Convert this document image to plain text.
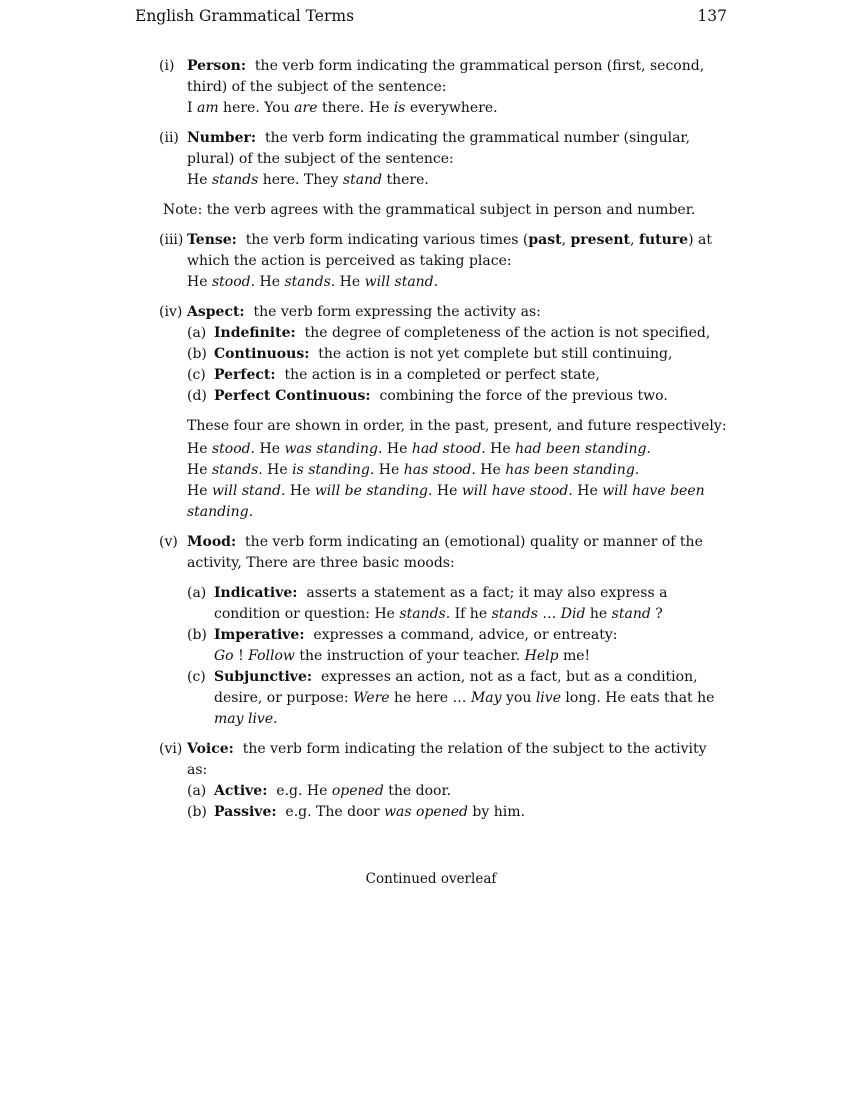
English Grammatical Terms	137
(i) Person: the verb form indicating the grammatical person (first, second, third) of the subject of the sentence:
I am here. You are there. He is everywhere.
(ii) Number: the verb form indicating the grammatical number (singular, plural) of the subject of the sentence:
He stands here. They stand there.
Note: the verb agrees with the grammatical subject in person and number.
(iii) Tense: the verb form indicating various times (past, present, future) at which the action is perceived as taking place:
He stood. He stands. He will stand.
(iv) Aspect: the verb form expressing the activity as:
(a) Indefinite: the degree of completeness of the action is not specified,
(b) Continuous: the action is not yet complete but still continuing,
(c) Perfect: the action is in a completed or perfect state,
(d) Perfect Continuous: combining the force of the previous two.
These four are shown in order, in the past, present, and future respectively:
He stood. He was standing. He had stood. He had been standing.
He stands. He is standing. He has stood. He has been standing.
He will stand. He will be standing. He will have stood. He will have been standing.
(v) Mood: the verb form indicating an (emotional) quality or manner of the activity, There are three basic moods:
(a) Indicative: asserts a statement as a fact; it may also express a condition or question: He stands. If he stands … Did he stand ?
(b) Imperative: expresses a command, advice, or entreaty:
Go ! Follow the instruction of your teacher. Help me!
(c) Subjunctive: expresses an action, not as a fact, but as a condition, desire, or purpose: Were he here … May you live long. He eats that he may live.
(vi) Voice: the verb form indicating the relation of the subject to the activity as:
(a) Active: e.g. He opened the door.
(b) Passive: e.g. The door was opened by him.
Continued overleaf
